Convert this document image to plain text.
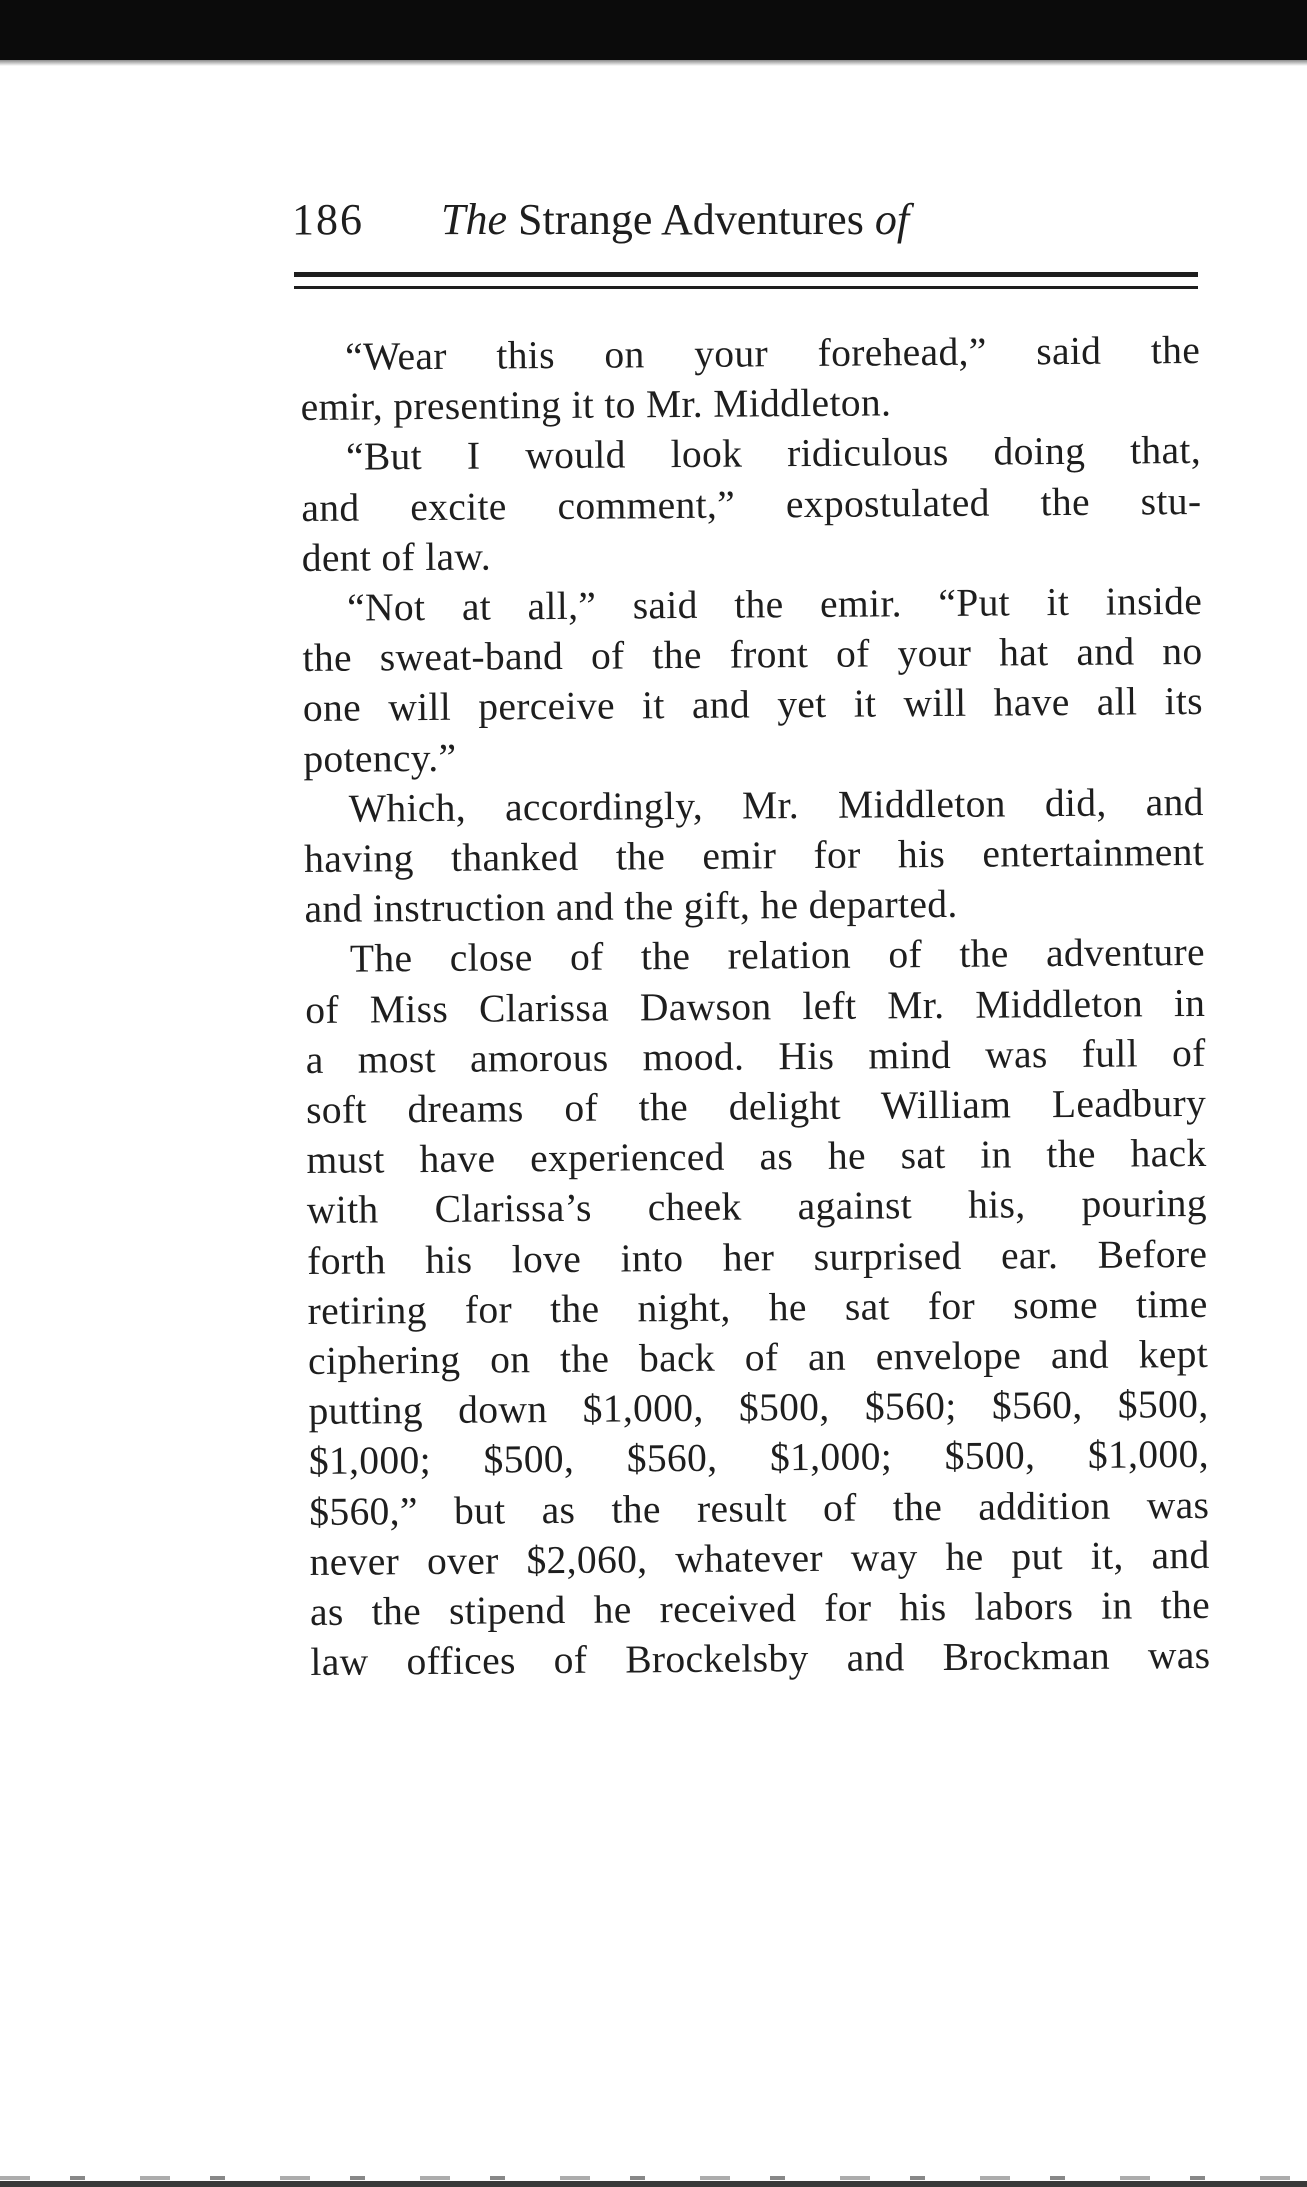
186 The Strange Adventures of
“Wear this on your forehead,” said the
emir, presenting it to Mr. Middleton.
“But I would look ridiculous doing that,
and excite comment,” expostulated the stu-
dent of law.
“Not at all,” said the emir. “Put it inside
the sweat-band of the front of your hat and no
one will perceive it and yet it will have all its
potency.”
Which, accordingly, Mr. Middleton did, and
having thanked the emir for his entertainment
and instruction and the gift, he departed.
The close of the relation of the adventure
of Miss Clarissa Dawson left Mr. Middleton in
a most amorous mood. His mind was full of
soft dreams of the delight William Leadbury
must have experienced as he sat in the hack
with Clarissa’s cheek against his, pouring
forth his love into her surprised ear. Before
retiring for the night, he sat for some time
ciphering on the back of an envelope and kept
putting down $1,000, $500, $560; $560, $500,
$1,000; $500, $560, $1,000; $500, $1,000,
$560,” but as the result of the addition was
never over $2,060, whatever way he put it, and
as the stipend he received for his labors in the
law offices of Brockelsby and Brockman was
